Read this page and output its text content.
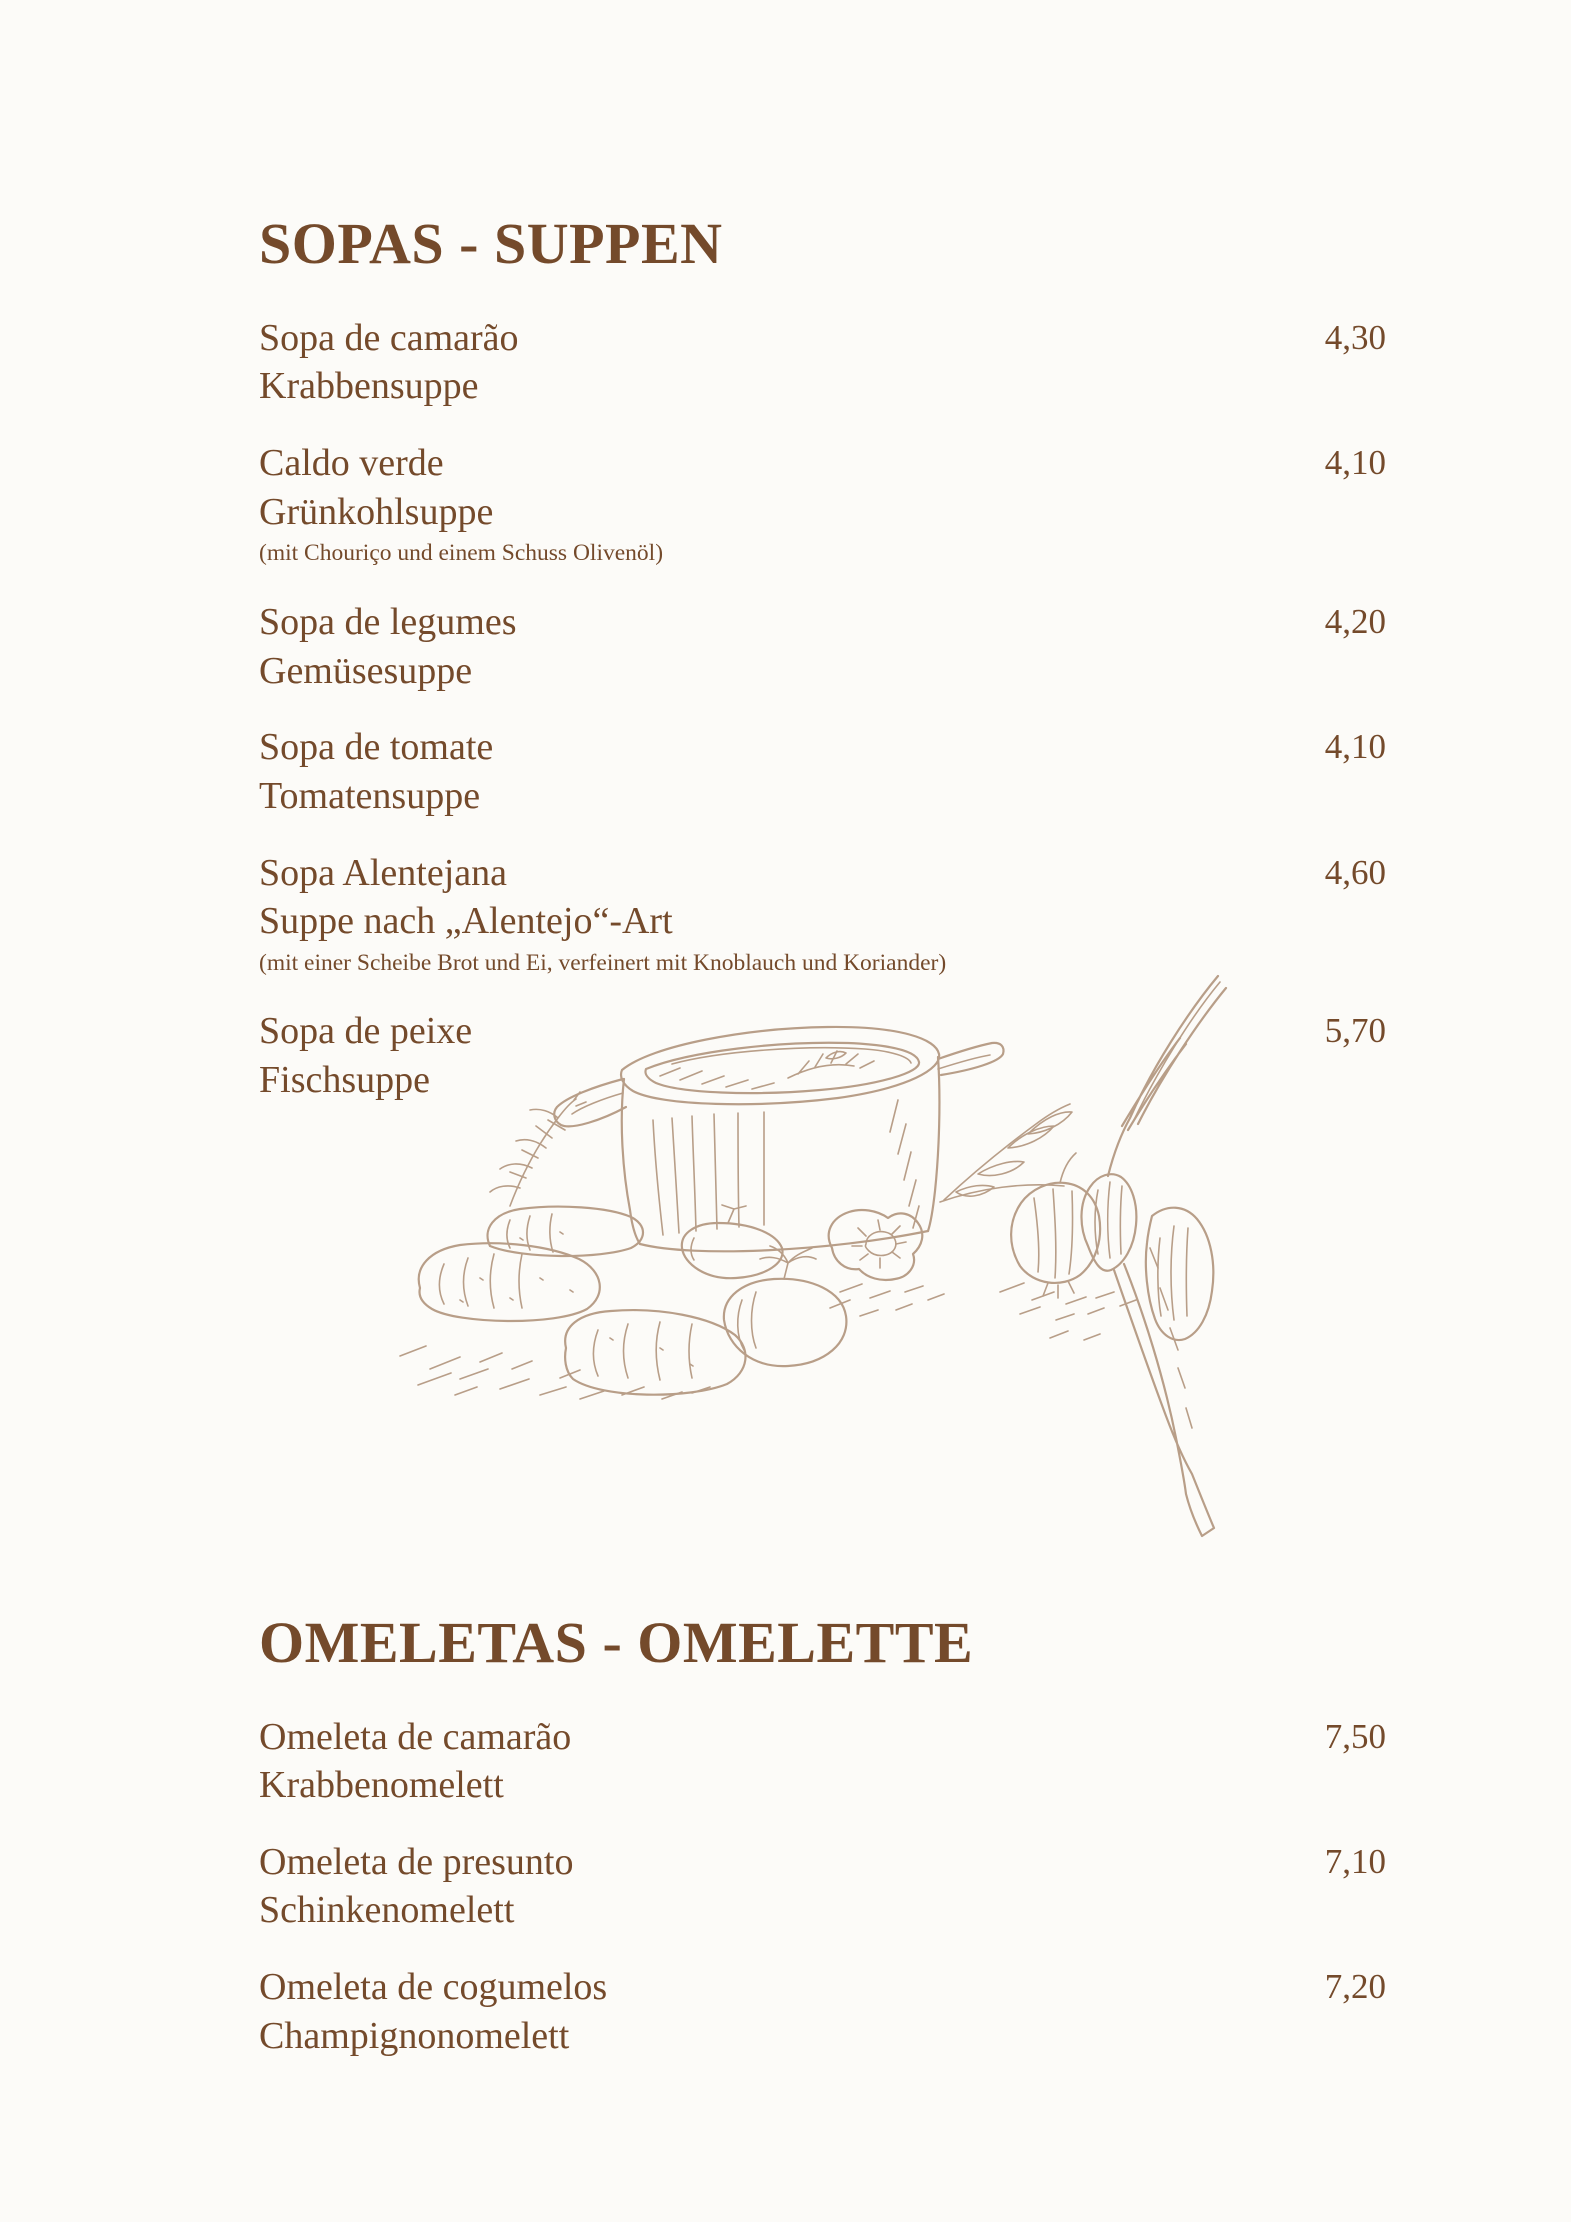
SOPAS - SUPPEN
Sopa de camarão
Krabbensuppe
4,30
Caldo verde
Grünkohlsuppe
(mit Chouriço und einem Schuss Olivenöl)
4,10
Sopa de legumes
Gemüsesuppe
4,20
Sopa de tomate
Tomatensuppe
4,10
Sopa Alentejana
Suppe nach „Alentejo“-Art
(mit einer Scheibe Brot und Ei, verfeinert mit Knoblauch und Koriander)
4,60
Sopa de peixe
Fischsuppe
5,70
OMELETAS - OMELETTE
Omeleta de camarão
Krabbenomelett
7,50
Omeleta de presunto
Schinkenomelett
7,10
Omeleta de cogumelos
Champignonomelett
7,20
